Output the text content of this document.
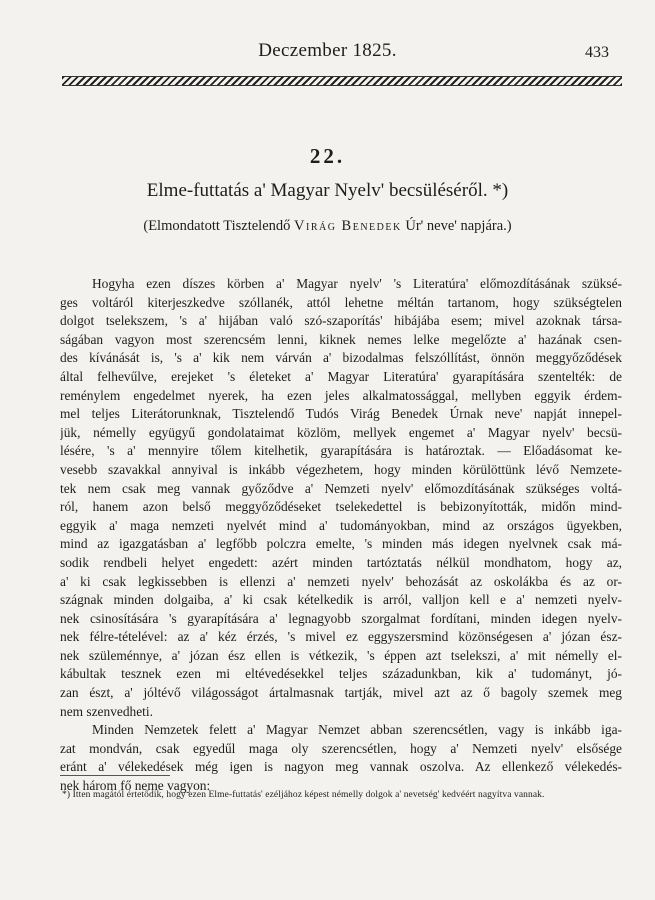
Deczember 1825.	433
22.
Elme-futtatás a' Magyar Nyelv' becsüléséről. *)
(Elmondatott Tisztelendő Virág Benedek Úr' neve' napjára.)
Hogyha ezen díszes körben a' Magyar nyelv' 's Literatúra' előmozdításának szüksé-
ges voltáról kiterjeszkedve szóllanék, attól lehetne méltán tartanom, hogy szükségtelen
dolgot tselekszem, 's a' hijában való szó-szaporítás' hibájába esem; mivel azoknak társa-
ságában vagyon most szerencsém lenni, kiknek nemes lelke megelőzte a' hazának csen-
des kívánását is, 's a' kik nem várván a' bizodalmas felszóllítást, önnön meggyőződések
által felhevűlve, erejeket 's életeket a' Magyar Literatúra' gyarapítására szentelték: de
reménylem engedelmet nyerek, ha ezen jeles alkalmatossággal, mellyben eggyik érdem-
mel teljes Literátorunknak, Tisztelendő Tudós Virág Benedek Úrnak neve' napját innepel-
jük, némelly együgyű gondolataimat közlöm, mellyek engemet a' Magyar nyelv' becsü-
lésére, 's a' mennyire tőlem kitelhetik, gyarapítására is határoztak. — Előadásomat ke-
vesebb szavakkal annyival is inkább végezhetem, hogy minden körülöttünk lévő Nemzete-
tek nem csak meg vannak győződve a' Nemzeti nyelv' előmozdításának szükséges voltá-
ról, hanem azon belső meggyőződéseket tselekedettel is bebizonyították, midőn mind-
eggyik a' maga nemzeti nyelvét mind a' tudományokban, mind az országos ügyekben,
mind az igazgatásban a' legfőbb polczra emelte, 's minden más idegen nyelvnek csak má-
sodik rendbeli helyet engedett: azért minden tartóztatás nélkül mondhatom, hogy az,
a' ki csak legkissebben is ellenzi a' nemzeti nyelv' behozását az oskolákba és az or-
szágnak minden dolgaiba, a' ki csak kételkedik is arról, valljon kell e a' nemzeti nyelv-
nek csinosítására 's gyarapítására a' legnagyobb szorgalmat fordítani, minden idegen nyelv-
nek félre-tételével: az a' kéz érzés, 's mivel ez eggyszersmind közönségesen a' józan ész-
nek szüleménnye, a' józan ész ellen is vétkezik, 's éppen azt tselekszi, a' mit némelly el-
kábultak tesznek ezen mi eltévedésekkel teljes századunkban, kik a' tudományt, jó-
zan észt, a' jóltévő világosságot ártalmasnak tartják, mivel azt az ő bagoly szemek meg
nem szenvedheti.
Minden Nemzetek felett a' Magyar Nemzet abban szerencsétlen, vagy is inkább iga-
zat mondván, csak egyedűl maga oly szerencsétlen, hogy a' Nemzeti nyelv' elsősége
eránt a' vélekedések még igen is nagyon meg vannak oszolva. Az ellenkező vélekedés-
nek három fő neme vagyon:
*) Itten magától értetődik, hogy ezen Elme-futtatás' ezéljához képest némelly dolgok a' nevetség' kedvéért nagyítva vannak.
